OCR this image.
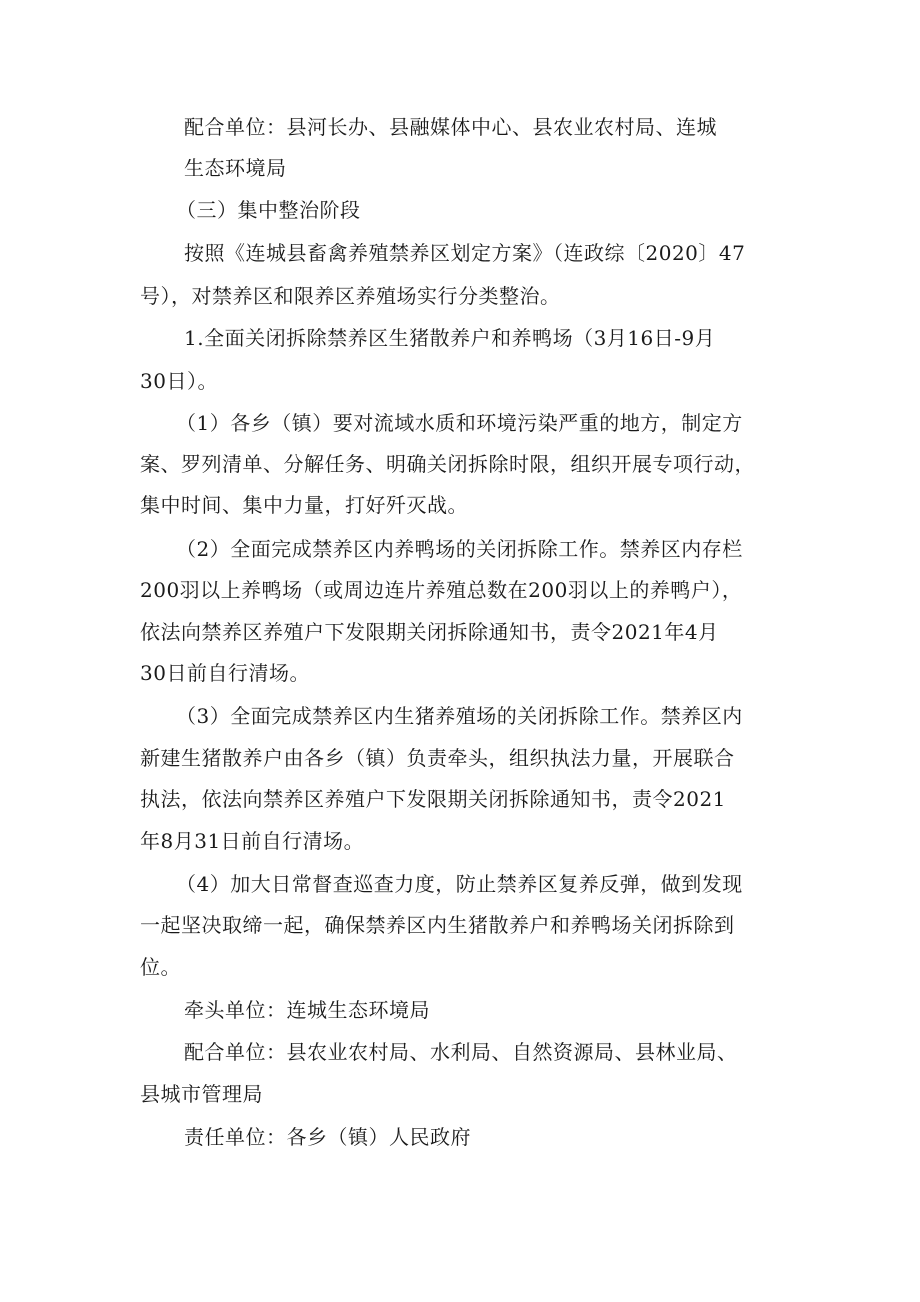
配合单位：县河长办、县融媒体中心、县农业农村局、连城
生态环境局
（三）集中整治阶段
按照《连城县畜禽养殖禁养区划定方案》（连政综〔2020〕47
号），对禁养区和限养区养殖场实行分类整治。
1.全面关闭拆除禁养区生猪散养户和养鸭场（3月16日-9月
30日）。
（1）各乡（镇）要对流域水质和环境污染严重的地方，制定方
案、罗列清单、分解任务、明确关闭拆除时限，组织开展专项行动，
集中时间、集中力量，打好歼灭战。
（2）全面完成禁养区内养鸭场的关闭拆除工作。禁养区内存栏
200羽以上养鸭场（或周边连片养殖总数在200羽以上的养鸭户），
依法向禁养区养殖户下发限期关闭拆除通知书，责令2021年4月
30日前自行清场。
（3）全面完成禁养区内生猪养殖场的关闭拆除工作。禁养区内
新建生猪散养户由各乡（镇）负责牵头，组织执法力量，开展联合
执法，依法向禁养区养殖户下发限期关闭拆除通知书，责令2021
年8月31日前自行清场。
（4）加大日常督查巡查力度，防止禁养区复养反弹，做到发现
一起坚决取缔一起，确保禁养区内生猪散养户和养鸭场关闭拆除到
位。
牵头单位：连城生态环境局
配合单位：县农业农村局、水利局、自然资源局、县林业局、
县城市管理局
责任单位：各乡（镇）人民政府
